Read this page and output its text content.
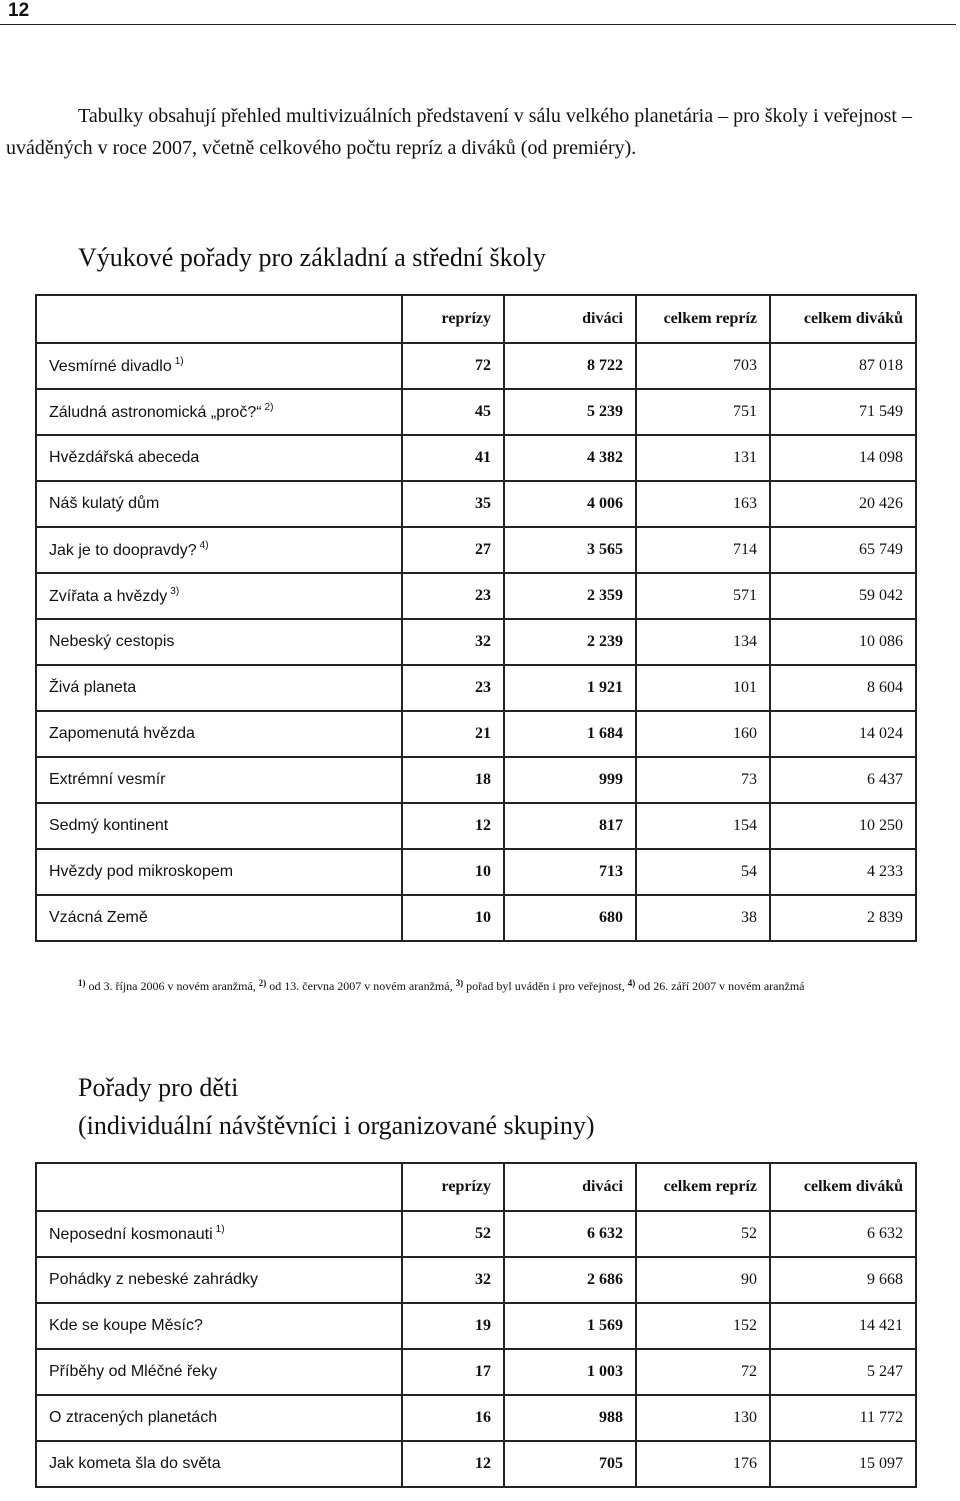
12

Tabulky obsahují přehled multivizuálních představení v sálu velkého planetária – pro školy i veřejnost – uváděných v roce 2007, včetně celkového počtu repríz a diváků (od premiéry).

Výukové pořady pro základní a střední školy
	reprízy	diváci	celkem repríz	celkem diváků
Vesmírné divadlo $^{1)}$	72	8 722	703	87 018
Záludná astronomická „proč?“ $^{2)}$	45	5 239	751	71 549
Hvězdářská abeceda	41	4 382	131	14 098
Náš kulatý dům	35	4 006	163	20 426
Jak je to doopravdy? $^{4)}$	27	3 565	714	65 749
Zvířata a hvězdy $^{3)}$	23	2 359	571	59 042
Nebeský cestopis	32	2 239	134	10 086
Živá planeta	23	1 921	101	8 604
Zapomenutá hvězda	21	1 684	160	14 024
Extrémní vesmír	18	999	73	6 437
Sedmý kontinent	12	817	154	10 250
Hvězdy pod mikroskopem	10	713	54	4 233
Vzácná Země	10	680	38	2 839
$^{1)}$ od 3. října 2006 v novém aranžmá, $^{2)}$ od 13. června 2007 v novém aranžmá, $^{3)}$ pořad byl uváděn i pro veřejnost, $^{4)}$ od 26. září 2007 v novém aranžmá
Pořady pro děti
(individuální návštěvníci i organizované skupiny)
	reprízy	diváci	celkem repríz	celkem diváků
Neposední kosmonauti $^{1)}$	52	6 632	52	6 632
Pohádky z nebeské zahrádky	32	2 686	90	9 668
Kde se koupe Měsíc?	19	1 569	152	14 421
Příběhy od Mléčné řeky	17	1 003	72	5 247
O ztracených planetách	16	988	130	11 772
Jak kometa šla do světa	12	705	176	15 097
